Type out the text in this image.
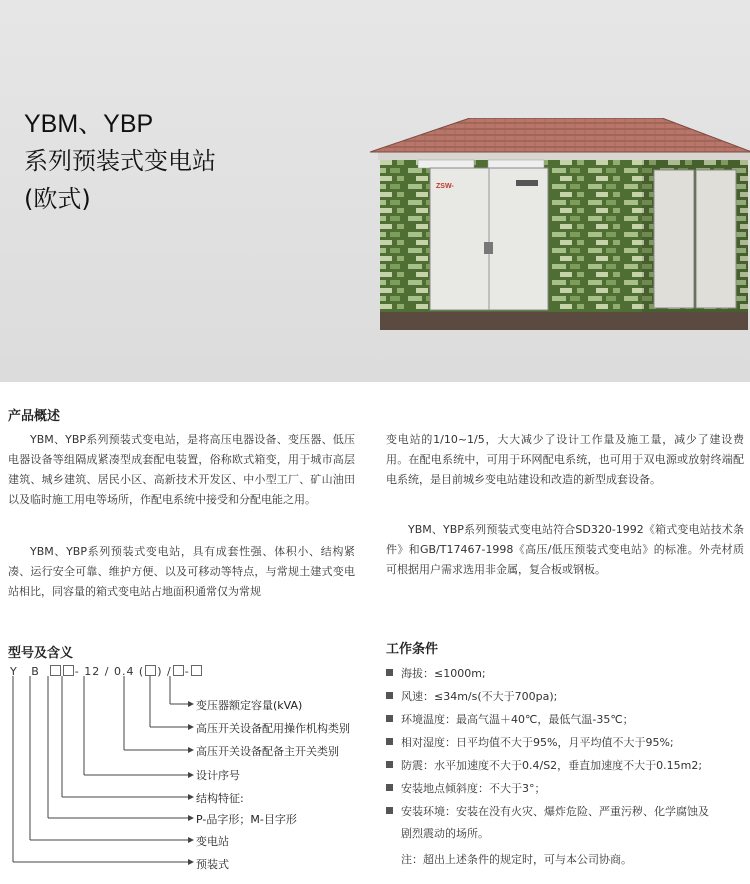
YBM、YBP
系列预装式变电站
(欧式)	ZSW-
产品概述

YBM、YBP系列预装式变电站，是将高压电器设备、变压器、低压电器设备等组隔成紧凑型成套配电装置，俗称欧式箱变，用于城市高层建筑、城乡建筑、居民小区、高新技术开发区、中小型工厂、矿山油田以及临时施工用电等场所，作配电系统中接受和分配电能之用。

YBM、YBP系列预装式变电站，具有成套性强、体积小、结构紧凑、运行安全可靠、维护方便、以及可移动等特点，与常规土建式变电站相比，同容量的箱式变电站占地面积通常仅为常规

变电站的1/10~1/5，大大减少了设计工作量及施工量，减少了建设费用。在配电系统中，可用于环网配电系统，也可用于双电源或放射终端配电系统，是目前城乡变电站建设和改造的新型成套设备。

YBM、YBP系列预装式变电站符合SD320-1992《箱式变电站技术条件》和GB/T17467-1998《高压/低压预装式变电站》的标准。外壳材质可根据用户需求选用非金属，复合板或钢板。

型号及含义
Y B	- 12 / 0.4 ( ) / -
变压器额定容量(kVA)
高压开关设备配用操作机构类别
高压开关设备配备主开关类别
设计序号
结构特征:
P-品字形；M-目字形
变电站
预装式
工作条件
海拔：≤1000m;
风速：≤34m/s(不大于700pa);
环境温度：最高气温＋40℃，最低气温-35℃；
相对湿度：日平均值不大于95%，月平均值不大于95%;
防震：水平加速度不大于0.4/S2，垂直加速度不大于0.15m2;
安装地点倾斜度：不大于3°；
安装环境：安装在没有火灾、爆炸危险、严重污秽、化学腐蚀及
剧烈震动的场所。
注：超出上述条件的规定时，可与本公司协商。
